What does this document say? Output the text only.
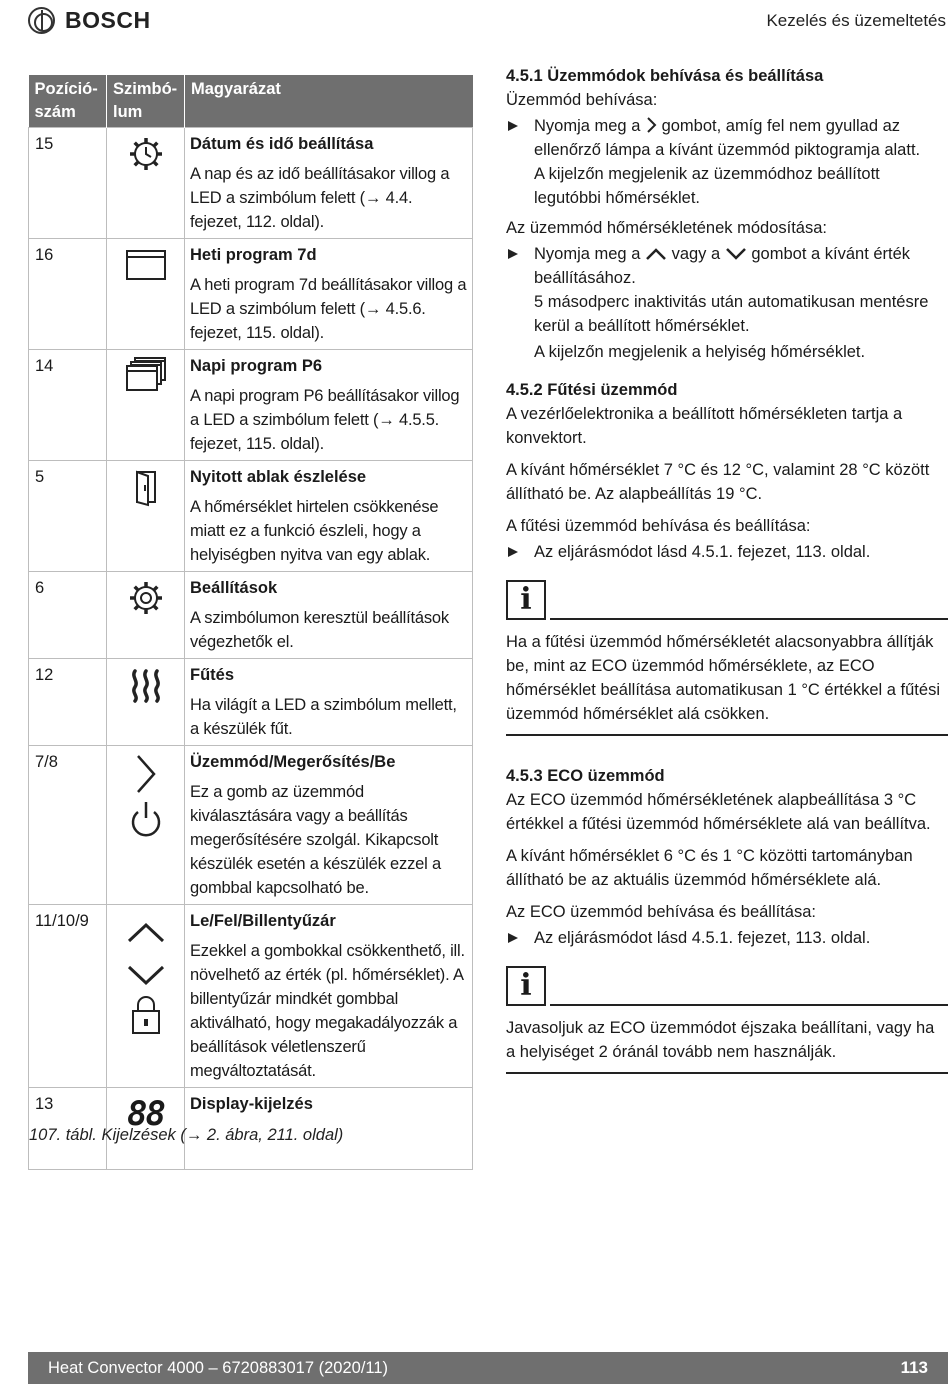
BOSCH	Kezelés és üzemeltetés
Pozíció-szám	Szimbó-lum	Magyarázat
15		Dátum és idő beállítása
A nap és az idő beállításakor villog a LED a szimbólum felett (→ 4.4. fejezet, 112. oldal).

16		Heti program 7d
A heti program 7d beállításakor villog a LED a szimbólum felett (→ 4.5.6. fejezet, 115. oldal).

14		Napi program P6
A napi program P6 beállításakor villog a LED a szimbólum felett (→ 4.5.5. fejezet, 115. oldal).

5		Nyitott ablak észlelése
A hőmérséklet hirtelen csökkenése miatt ez a funkció észleli, hogy a helyiségben nyitva van egy ablak.

6		Beállítások
A szimbólumon keresztül beállítások végezhetők el.

12		Fűtés
Ha világít a LED a szimbólum mellett, a készülék fűt.

7/8		Üzemmód/Megerősítés/Be
Ez a gomb az üzemmód kiválasztására vagy a beállítás megerősítésére szolgál. Kikapcsolt készülék esetén a készülék ezzel a gombbal kapcsolható be.

11/10/9		Le/Fel/Billentyűzár
Ezekkel a gombokkal csökkenthető, ill. növelhető az érték (pl. hőmérséklet). A billentyűzár mindkét gombbal aktiválható, hogy megakadályozzák a beállítások véletlenszerű megváltoztatását.

13	88	Display-kijelzés
107. tábl. Kijelzések (→ 2. ábra, 211. oldal)
4.5.1 Üzemmódok behívása és beállítása

Üzemmód behívása:

Nyomja meg a gombot, amíg fel nem gyullad az ellenőrző lámpa a kívánt üzemmód piktogramja alatt.
A kijelzőn megjelenik az üzemmódhoz beállított legutóbbi hőmérséklet.

Az üzemmód hőmérsékletének módosítása:

Nyomja meg a vagy a gombot a kívánt érték beállításához.
5 másodperc inaktivitás után automatikusan mentésre kerül a beállított hőmérséklet.
A kijelzőn megjelenik a helyiség hőmérséklet.
4.5.2 Fűtési üzemmód

A vezérlőelektronika a beállított hőmérsékleten tartja a konvektort.

A kívánt hőmérséklet 7 °C és 12 °C, valamint 28 °C között állítható be. Az alapbeállítás 19 °C.

A fűtési üzemmód behívása és beállítása:

Az eljárásmódot lásd 4.5.1. fejezet, 113. oldal.
i

Ha a fűtési üzemmód hőmérsékletét alacsonyabbra állítják be, mint az ECO üzemmód hőmérséklete, az ECO hőmérséklet beállítása automatikusan 1 °C értékkel a fűtési üzemmód hőmérséklet alá csökken.

4.5.3 ECO üzemmód

Az ECO üzemmód hőmérsékletének alapbeállítása 3 °C értékkel a fűtési üzemmód hőmérséklete alá van beállítva.

A kívánt hőmérséklet 6 °C és 1 °C közötti tartományban állítható be az aktuális üzemmód hőmérséklete alá.

Az ECO üzemmód behívása és beállítása:

Az eljárásmódot lásd 4.5.1. fejezet, 113. oldal.
i

Javasoljuk az ECO üzemmódot éjszaka beállítani, vagy ha a helyiséget 2 óránál tovább nem használják.

Heat Convector 4000 – 6720883017 (2020/11)	113
